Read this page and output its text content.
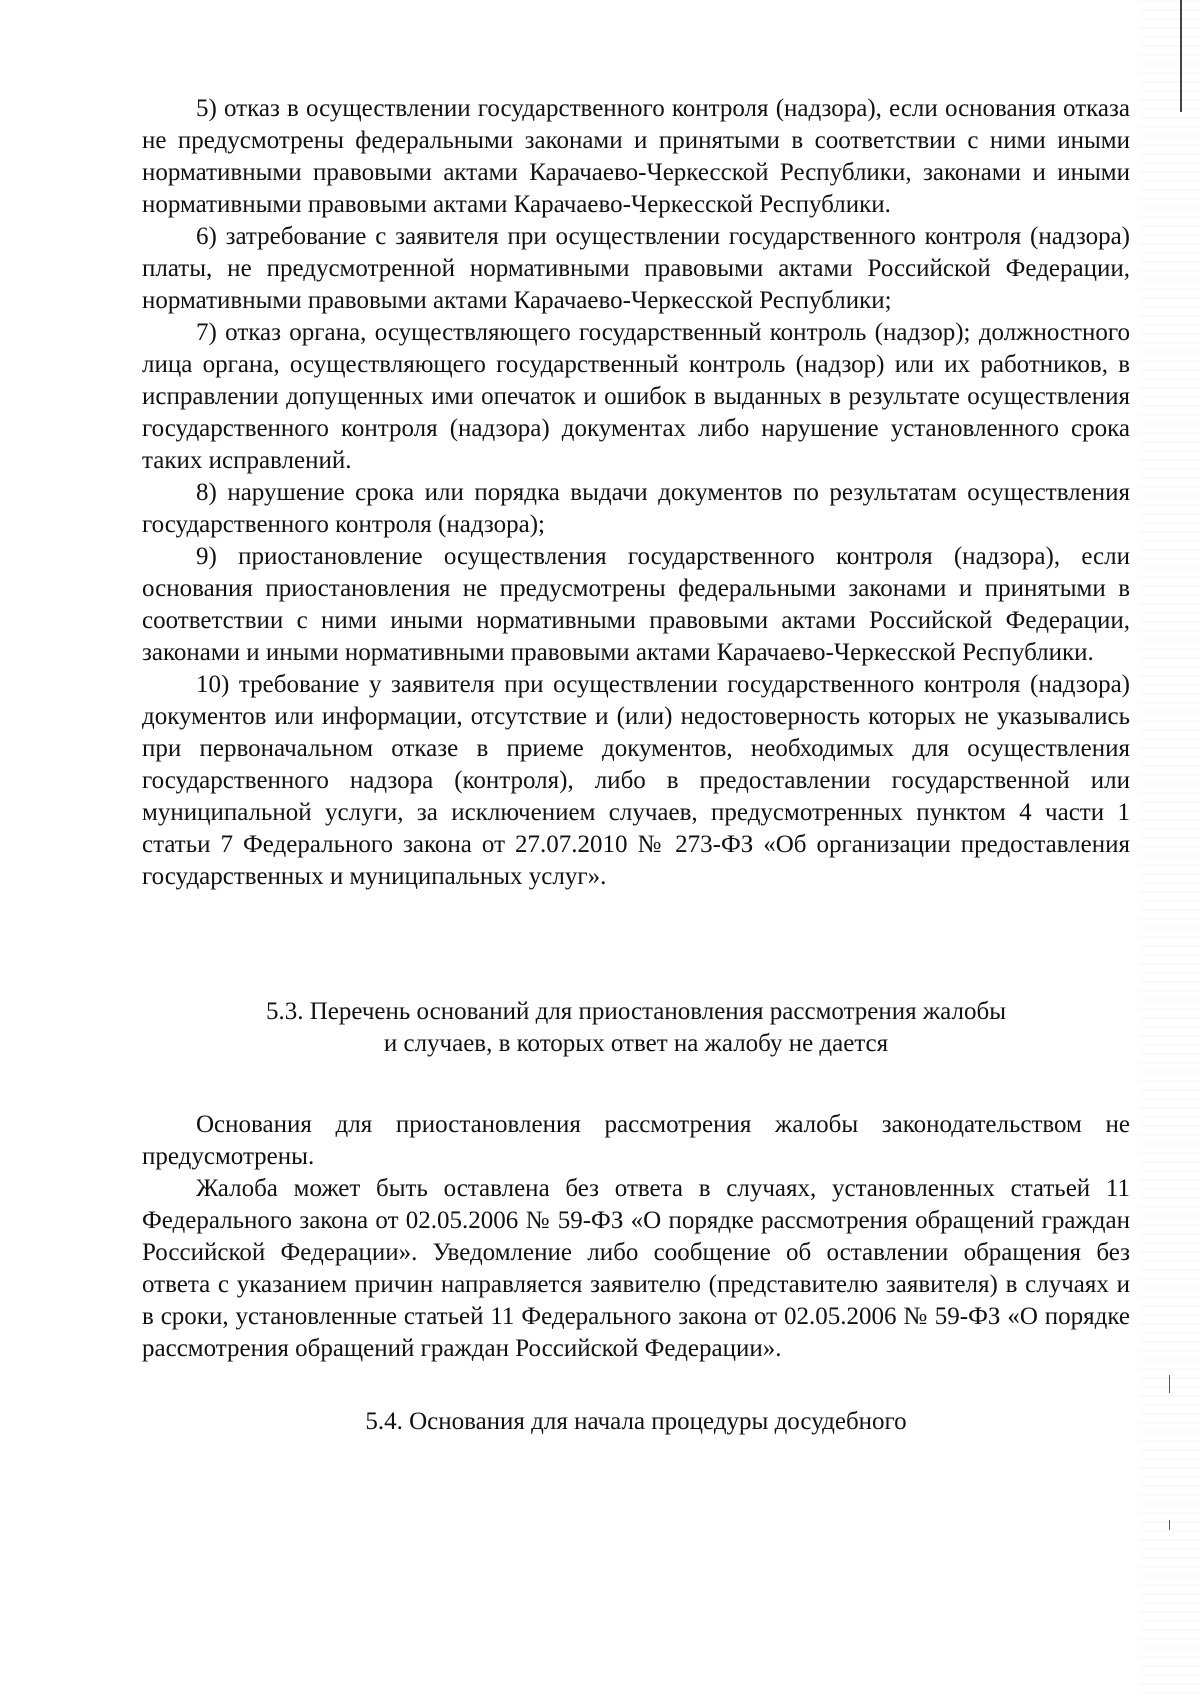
5) отказ в осуществлении государственного контроля (надзора), если основания отказа не предусмотрены федеральными законами и принятыми в соответствии с ними иными нормативными правовыми актами Карачаево-Черкесской Республики, законами и иными нормативными правовыми актами Карачаево-Черкесской Республики.

6) затребование с заявителя при осуществлении государственного контроля (надзора) платы, не предусмотренной нормативными правовыми актами Российской Федерации, нормативными правовыми актами Карачаево-Черкесской Республики;

7) отказ органа, осуществляющего государственный контроль (надзор); должностного лица органа, осуществляющего государственный контроль (надзор) или их работников, в исправлении допущенных ими опечаток и ошибок в выданных в результате осуществления государственного контроля (надзора) документах либо нарушение установленного срока таких исправлений.

8) нарушение срока или порядка выдачи документов по результатам осуществления государственного контроля (надзора);

9) приостановление осуществления государственного контроля (надзора), если основания приостановления не предусмотрены федеральными законами и принятыми в соответствии с ними иными нормативными правовыми актами Российской Федерации, законами и иными нормативными правовыми актами Карачаево-Черкесской Республики.

10) требование у заявителя при осуществлении государственного контроля (надзора) документов или информации, отсутствие и (или) недостоверность которых не указывались при первоначальном отказе в приеме документов, необходимых для осуществления государственного надзора (контроля), либо в предоставлении государственной или муниципальной услуги, за исключением случаев, предусмотренных пунктом 4 части 1 статьи 7 Федерального закона от 27.07.2010 № 273-ФЗ «Об организации предоставления государственных и муниципальных услуг».

5.3. Перечень оснований для приостановления рассмотрения жалобы
и случаев, в которых ответ на жалобу не дается

Основания для приостановления рассмотрения жалобы законодательством не предусмотрены.

Жалоба может быть оставлена без ответа в случаях, установленных статьей 11 Федерального закона от 02.05.2006 № 59-ФЗ «О порядке рассмотрения обращений граждан Российской Федерации». Уведомление либо сообщение об оставлении обращения без ответа с указанием причин направляется заявителю (представителю заявителя) в случаях и в сроки, установленные статьей 11 Федерального закона от 02.05.2006 № 59-ФЗ «О порядке рассмотрения обращений граждан Российской Федерации».

5.4. Основания для начала процедуры досудебного
